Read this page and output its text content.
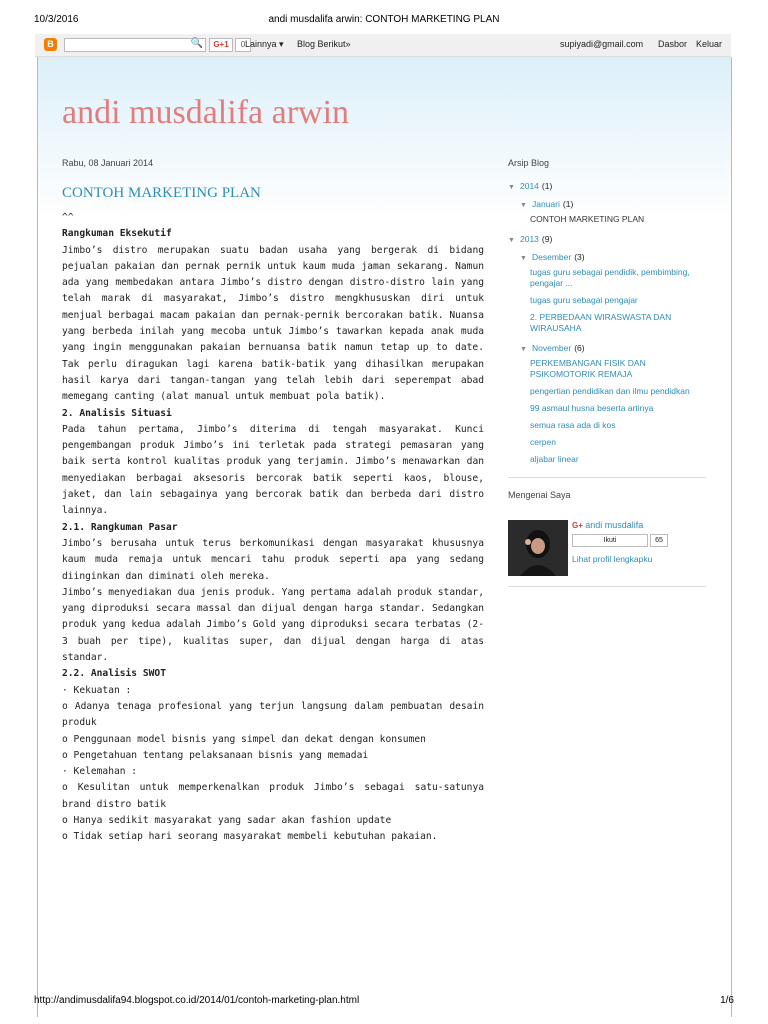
10/3/2016	andi musdalifa arwin: CONTOH MARKETING PLAN
B	🔍	G+1	0 Lainnya ▾ Blog Berikut»	supiyadi@gmail.com Dasbor Keluar
andi musdalifa arwin
Rabu, 08 Januari 2014
CONTOH MARKETING PLAN

^^

Rangkuman Eksekutif

Jimbo’s distro merupakan suatu badan usaha yang bergerak di bidang pejualan pakaian dan pernak pernik untuk kaum muda jaman sekarang. Namun ada yang membedakan antara Jimbo’s distro dengan distro-distro lain yang telah marak di masyarakat, Jimbo’s distro mengkhususkan diri untuk menjual berbagai macam pakaian dan pernak-pernik bercorakan batik. Nuansa yang berbeda inilah yang mecoba untuk Jimbo’s tawarkan kepada anak muda yang ingin menggunakan pakaian bernuansa batik namun tetap up to date. Tak perlu diragukan lagi karena batik-batik yang dihasilkan merupakan hasil karya dari tangan-tangan yang telah lebih dari seperempat abad memegang canting (alat manual untuk membuat pola batik).

2. Analisis Situasi

Pada tahun pertama, Jimbo’s diterima di tengah masyarakat. Kunci pengembangan produk Jimbo’s ini terletak pada strategi pemasaran yang baik serta kontrol kualitas produk yang terjamin. Jimbo’s menawarkan dan menyediakan berbagai aksesoris bercorak batik seperti kaos, blouse, jaket, dan lain sebagainya yang bercorak batik dan berbeda dari distro lainnya.

2.1. Rangkuman Pasar

Jimbo’s berusaha untuk terus berkomunikasi dengan masyarakat khususnya kaum muda remaja untuk mencari tahu produk seperti apa yang sedang diinginkan dan diminati oleh mereka.

Jimbo’s menyediakan dua jenis produk. Yang pertama adalah produk standar, yang diproduksi secara massal dan dijual dengan harga standar. Sedangkan produk yang kedua adalah Jimbo’s Gold yang diproduksi secara terbatas (2-3 buah per tipe), kualitas super, dan dijual dengan harga di atas standar.

2.2. Analisis SWOT

· Kekuatan :

o Adanya tenaga profesional yang terjun langsung dalam pembuatan desain produk

o Penggunaan model bisnis yang simpel dan dekat dengan konsumen

o Pengetahuan tentang pelaksanaan bisnis yang memadai

· Kelemahan :

o Kesulitan untuk memperkenalkan produk Jimbo’s sebagai satu-satunya brand distro batik

o Hanya sedikit masyarakat yang sadar akan fashion update

o Tidak setiap hari seorang masyarakat membeli kebutuhan pakaian.

Arsip Blog
▼ 2014 (1)
▼ Januari (1)
CONTOH MARKETING PLAN
▼ 2013 (9)
▼ Desember (3)
tugas guru sebagai pendidik, pembimbing, pengajar ...
tugas guru sebagai pengajar
2. PERBEDAAN WIRASWASTA DAN WIRAUSAHA
▼ November (6)
PERKEMBANGAN FISIK DAN PSIKOMOTORIK REMAJA
pengertian pendidikan dan ilmu pendidkan
99 asmaul husna beserta artinya
semua rasa ada di kos
cerpen
aljabar linear
Mengenai Saya
G+ andi musdalifa
Ikuti	65
Lihat profil lengkapku
http://andimusdalifa94.blogspot.co.id/2014/01/contoh-marketing-plan.html	1/6
